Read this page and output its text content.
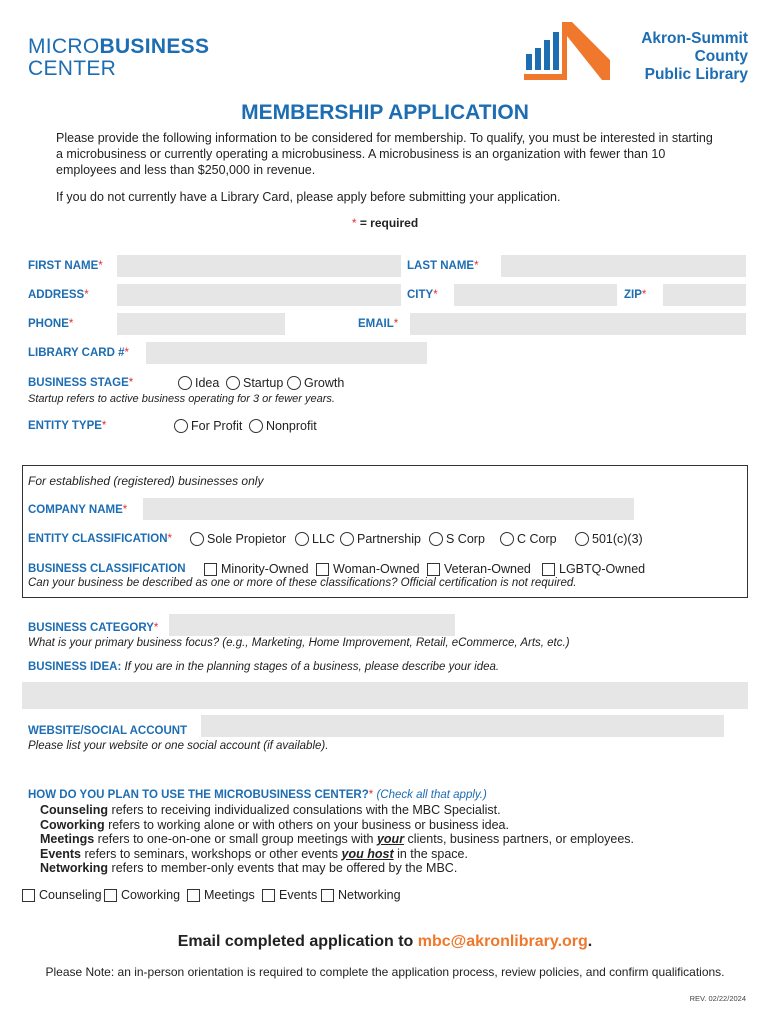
MICROBUSINESS
CENTER
Akron-Summit County
Public Library
MEMBERSHIP APPLICATION
Please provide the following information to be considered for membership. To qualify, you must be interested in starting a microbusiness or currently operating a microbusiness. A microbusiness is an organization with fewer than 10 employees and less than $250,000 in revenue.
If you do not currently have a Library Card, please apply before submitting your application.
* = required
FIRST NAME*	LAST NAME*
ADDRESS*	CITY*	ZIP*
PHONE*	EMAIL*
LIBRARY CARD #*
BUSINESS STAGE*	Idea Startup Growth
Startup refers to active business operating for 3 or fewer years.
ENTITY TYPE*	For Profit Nonprofit
For established (registered) businesses only
COMPANY NAME*
ENTITY CLASSIFICATION*	Sole Propietor LLC Partnership S Corp	C Corp	501(c)(3)
BUSINESS CLASSIFICATION	Minority-Owned Woman-Owned Veteran-Owned LGBTQ-Owned
Can your business be described as one or more of these classifications? Official certification is not required.
BUSINESS CATEGORY*
What is your primary business focus? (e.g., Marketing, Home Improvement, Retail, eCommerce, Arts, etc.)
BUSINESS IDEA: If you are in the planning stages of a business, please describe your idea.
WEBSITE/SOCIAL ACCOUNT
Please list your website or one social account (if available).
HOW DO YOU PLAN TO USE THE MICROBUSINESS CENTER?* (Check all that apply.)
Counseling refers to receiving individualized consulations with the MBC Specialist.
Coworking refers to working alone or with others on your business or business idea.
Meetings refers to one-on-one or small group meetings with your clients, business partners, or employees.
Events refers to seminars, workshops or other events you host in the space.
Networking refers to member-only events that may be offered by the MBC.
Counseling Coworking Meetings Events Networking
Email completed application to mbc@akronlibrary.org.
Please Note: an in-person orientation is required to complete the application process, review policies, and confirm qualifications.
REV. 02/22/2024
